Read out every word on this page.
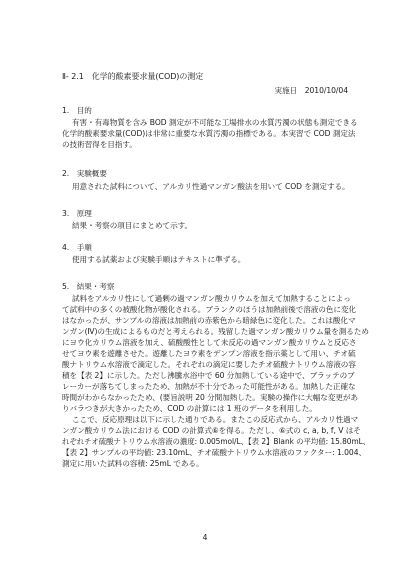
Ⅱ- 2.1　化学的酸素要求量(COD)の測定
実施日　2010/10/04
1.　目的
有害・有毒物質を含み BOD 測定が不可能な工場排水の水質汚濁の状態も測定できる
化学的酸素要求量(COD)は非常に重要な水質汚濁の指標である。本実習で COD 測定法
の技術習得を目指す。
2.　実験概要
用意された試料について、アルカリ性過マンガン酸法を用いて COD を測定する。
3.　原理
結果・考察の項目にまとめて示す。
4.　手順
使用する試薬および実験手順はテキストに準ずる。
5.　結果・考察
試料をアルカリ性にして過剰の過マンガン酸カリウムを加えて加熱することによっ
て試料中の多くの被酸化物が酸化される。ブランクのほうは加熱前後で溶液の色に変化
はなかったが、サンプルの溶液は加熱前の赤紫色から暗緑色に変化した。これは酸化マ
ンガン(Ⅳ)の生成によるものだと考えられる。残留した過マンガン酸カリウム量を測るため
にヨウ化カリウム溶液を加え、硫酸酸性として未反応の過マンガン酸カリウムと反応さ
せてヨウ素を遊離させた。遊離したヨウ素をデンプン溶液を指示薬として用い、チオ硫
酸ナトリウム水溶液で滴定した。それぞれの滴定に要したチオ硫酸ナトリウム溶液の容
積を【表 2】に示した。ただし沸騰水浴中で 60 分加熱している途中で、ブラッテのブ
レーカーが落ちてしまったため、加熱が不十分であった可能性がある。加熱した正確な
時間がわからなかったため、(要旨説明 20 分間加熱した。実験の操作に大幅な変更があ
りバラつきが大きかったため、COD の計算には 1 班のデータを利用した。
ここで、反応原理は以下に示した通りである。またこの反応式から、アルカリ性過マ
ンガン酸カリウム法における COD の計算式⑥を得る。ただし、⑥式の c, a, b, f, V はそ
れぞれチオ硫酸ナトリウム水溶液の濃度: 0.005mol/L、【表 2】Blank の平均値: 15.80mL、
【表 2】サンプルの平均値: 23.10mL、チオ硫酸ナトリウム水溶液のファクター: 1.004、
測定に用いた試料の容積: 25mL である。
4
